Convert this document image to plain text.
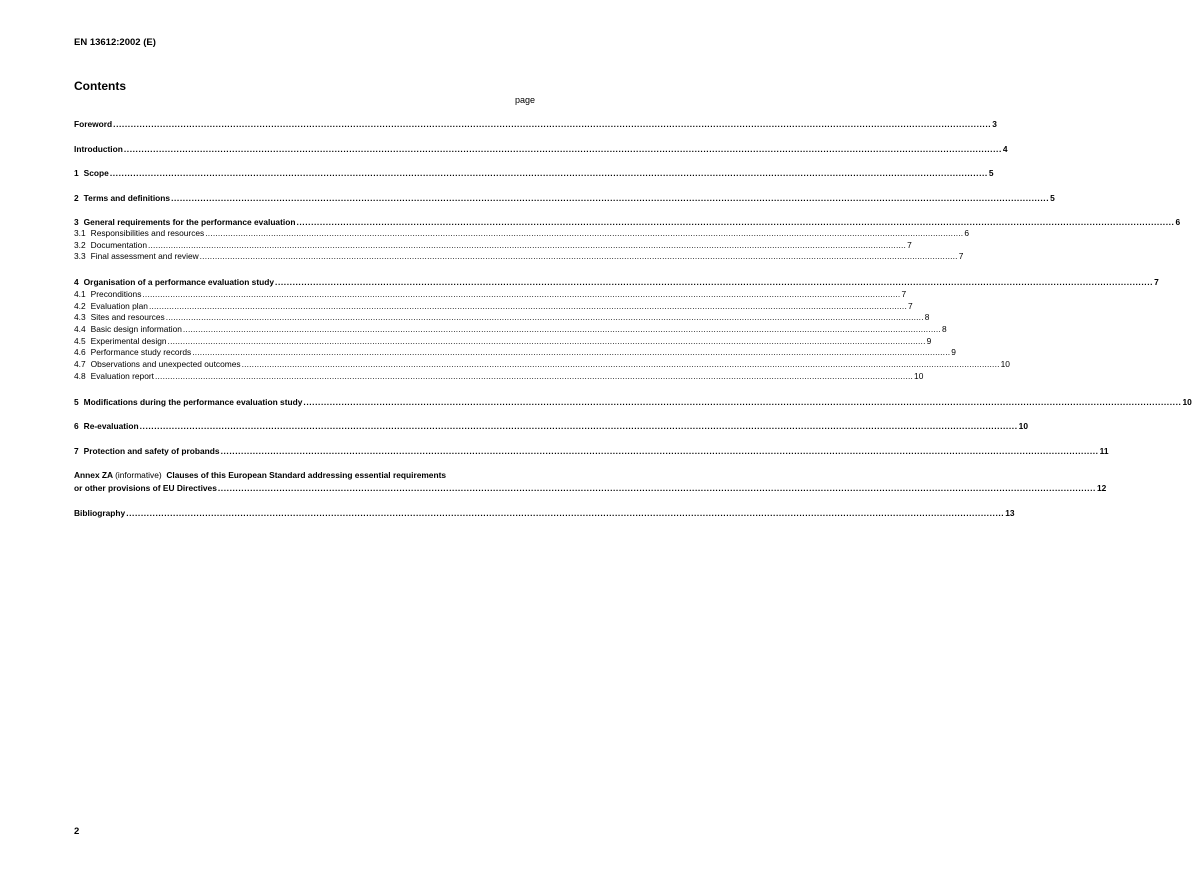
EN 13612:2002 (E)
Contents
page
Foreword ............................................................................................................................................................................................................................................................................................................ 3
Introduction ............................................................................................................................................................................................................................................................................................................ 4
1 Scope ............................................................................................................................................................................................................................................................................................................ 5
2 Terms and definitions ............................................................................................................................................................................................................................................................................................................ 5
3 General requirements for the performance evaluation ............................................................................................................................................................................................................................................................................................................ 6
3.1 Responsibilities and resources ............................................................................................................................................................................................................................................................................................................ 6
3.2 Documentation ............................................................................................................................................................................................................................................................................................................ 7
3.3 Final assessment and review ............................................................................................................................................................................................................................................................................................................ 7
4 Organisation of a performance evaluation study ............................................................................................................................................................................................................................................................................................................ 7
4.1 Preconditions ............................................................................................................................................................................................................................................................................................................ 7
4.2 Evaluation plan ............................................................................................................................................................................................................................................................................................................ 7
4.3 Sites and resources ............................................................................................................................................................................................................................................................................................................ 8
4.4 Basic design information ............................................................................................................................................................................................................................................................................................................ 8
4.5 Experimental design ............................................................................................................................................................................................................................................................................................................ 9
4.6 Performance study records ............................................................................................................................................................................................................................................................................................................ 9
4.7 Observations and unexpected outcomes ............................................................................................................................................................................................................................................................................................................ 10
4.8 Evaluation report ............................................................................................................................................................................................................................................................................................................ 10
5 Modifications during the performance evaluation study ............................................................................................................................................................................................................................................................................................................ 10
6 Re-evaluation ............................................................................................................................................................................................................................................................................................................ 10
7 Protection and safety of probands ............................................................................................................................................................................................................................................................................................................ 11
Annex ZA (informative) Clauses of this European Standard addressing essential requirements
or other provisions of EU Directives ............................................................................................................................................................................................................................................................................................................ 12
Bibliography ............................................................................................................................................................................................................................................................................................................ 13
2
